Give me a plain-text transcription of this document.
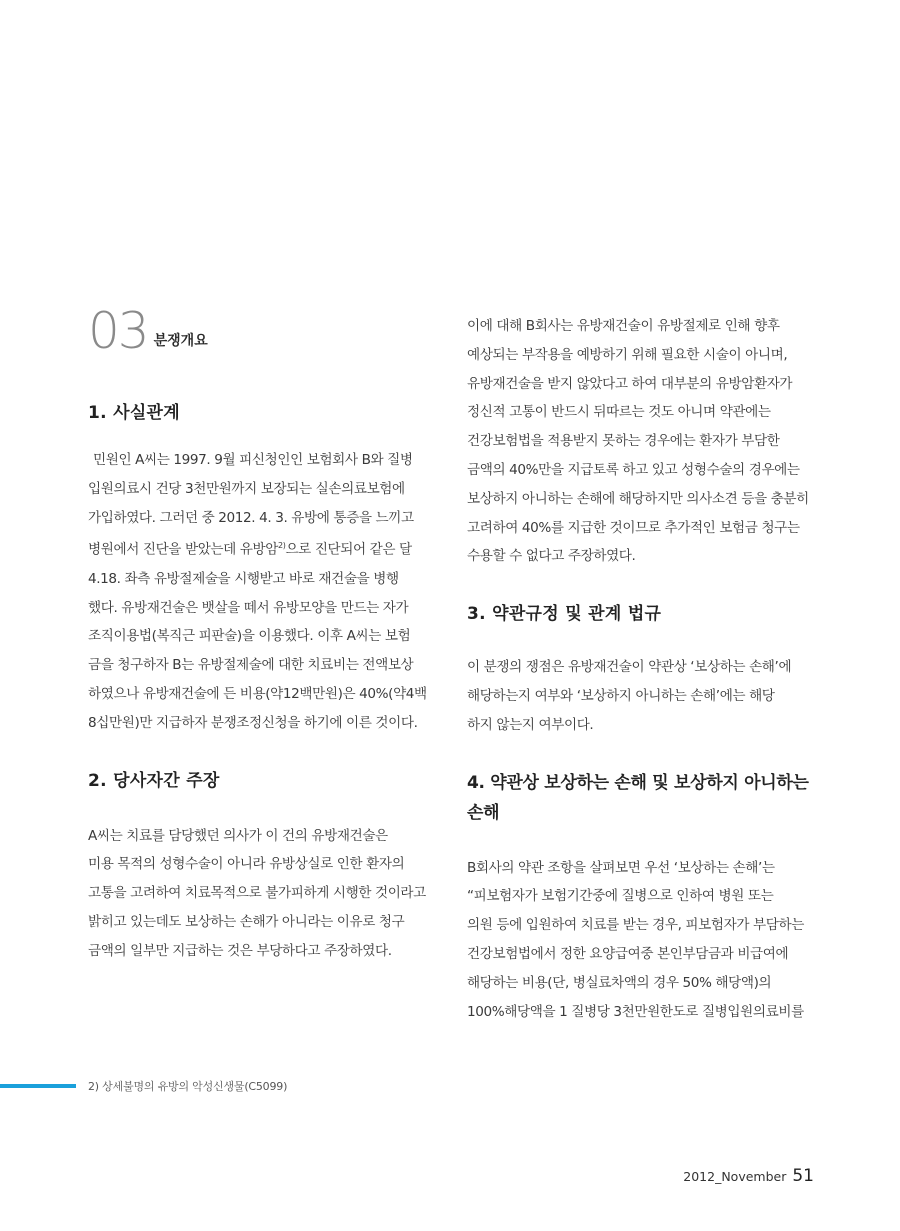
03 분쟁개요
1. 사실관계

민원인 A씨는 1997. 9월 피신청인인 보험회사 B와 질병

입원의료시 건당 3천만원까지 보장되는 실손의료보험에

가입하였다. 그러던 중 2012. 4. 3. 유방에 통증을 느끼고

병원에서 진단을 받았는데 유방암$^{2)}$으로 진단되어 같은 달

4.18. 좌측 유방절제술을 시행받고 바로 재건술을 병행

했다. 유방재건술은 뱃살을 떼서 유방모양을 만드는 자가

조직이용법(복직근 피판술)을 이용했다. 이후 A씨는 보험

금을 청구하자 B는 유방절제술에 대한 치료비는 전액보상

하였으나 유방재건술에 든 비용(약12백만원)은 40%(약4백

8십만원)만 지급하자 분쟁조정신청을 하기에 이른 것이다.

2. 당사자간 주장

A씨는 치료를 담당했던 의사가 이 건의 유방재건술은

미용 목적의 성형수술이 아니라 유방상실로 인한 환자의

고통을 고려하여 치료목적으로 불가피하게 시행한 것이라고

밝히고 있는데도 보상하는 손해가 아니라는 이유로 청구

금액의 일부만 지급하는 것은 부당하다고 주장하였다.

이에 대해 B회사는 유방재건술이 유방절제로 인해 향후

예상되는 부작용을 예방하기 위해 필요한 시술이 아니며,

유방재건술을 받지 않았다고 하여 대부분의 유방암환자가

정신적 고통이 반드시 뒤따르는 것도 아니며 약관에는

건강보험법을 적용받지 못하는 경우에는 환자가 부담한

금액의 40%만을 지급토록 하고 있고 성형수술의 경우에는

보상하지 아니하는 손해에 해당하지만 의사소견 등을 충분히

고려하여 40%를 지급한 것이므로 추가적인 보험금 청구는

수용할 수 없다고 주장하였다.

3. 약관규정 및 관계 법규

이 분쟁의 쟁점은 유방재건술이 약관상 ‘보상하는 손해’에

해당하는지 여부와 ‘보상하지 아니하는 손해’에는 해당

하지 않는지 여부이다.

4. 약관상 보상하는 손해 및 보상하지 아니하는 손해

B회사의 약관 조항을 살펴보면 우선 ‘보상하는 손해’는

“피보험자가 보험기간중에 질병으로 인하여 병원 또는

의원 등에 입원하여 치료를 받는 경우, 피보험자가 부담하는

건강보험법에서 정한 요양급여중 본인부담금과 비급여에

해당하는 비용(단, 병실료차액의 경우 50% 해당액)의

100%해당액을 1 질병당 3천만원한도로 질병입원의료비를

2) 상세불명의 유방의 악성신생물(C5099)
2012_November 51
